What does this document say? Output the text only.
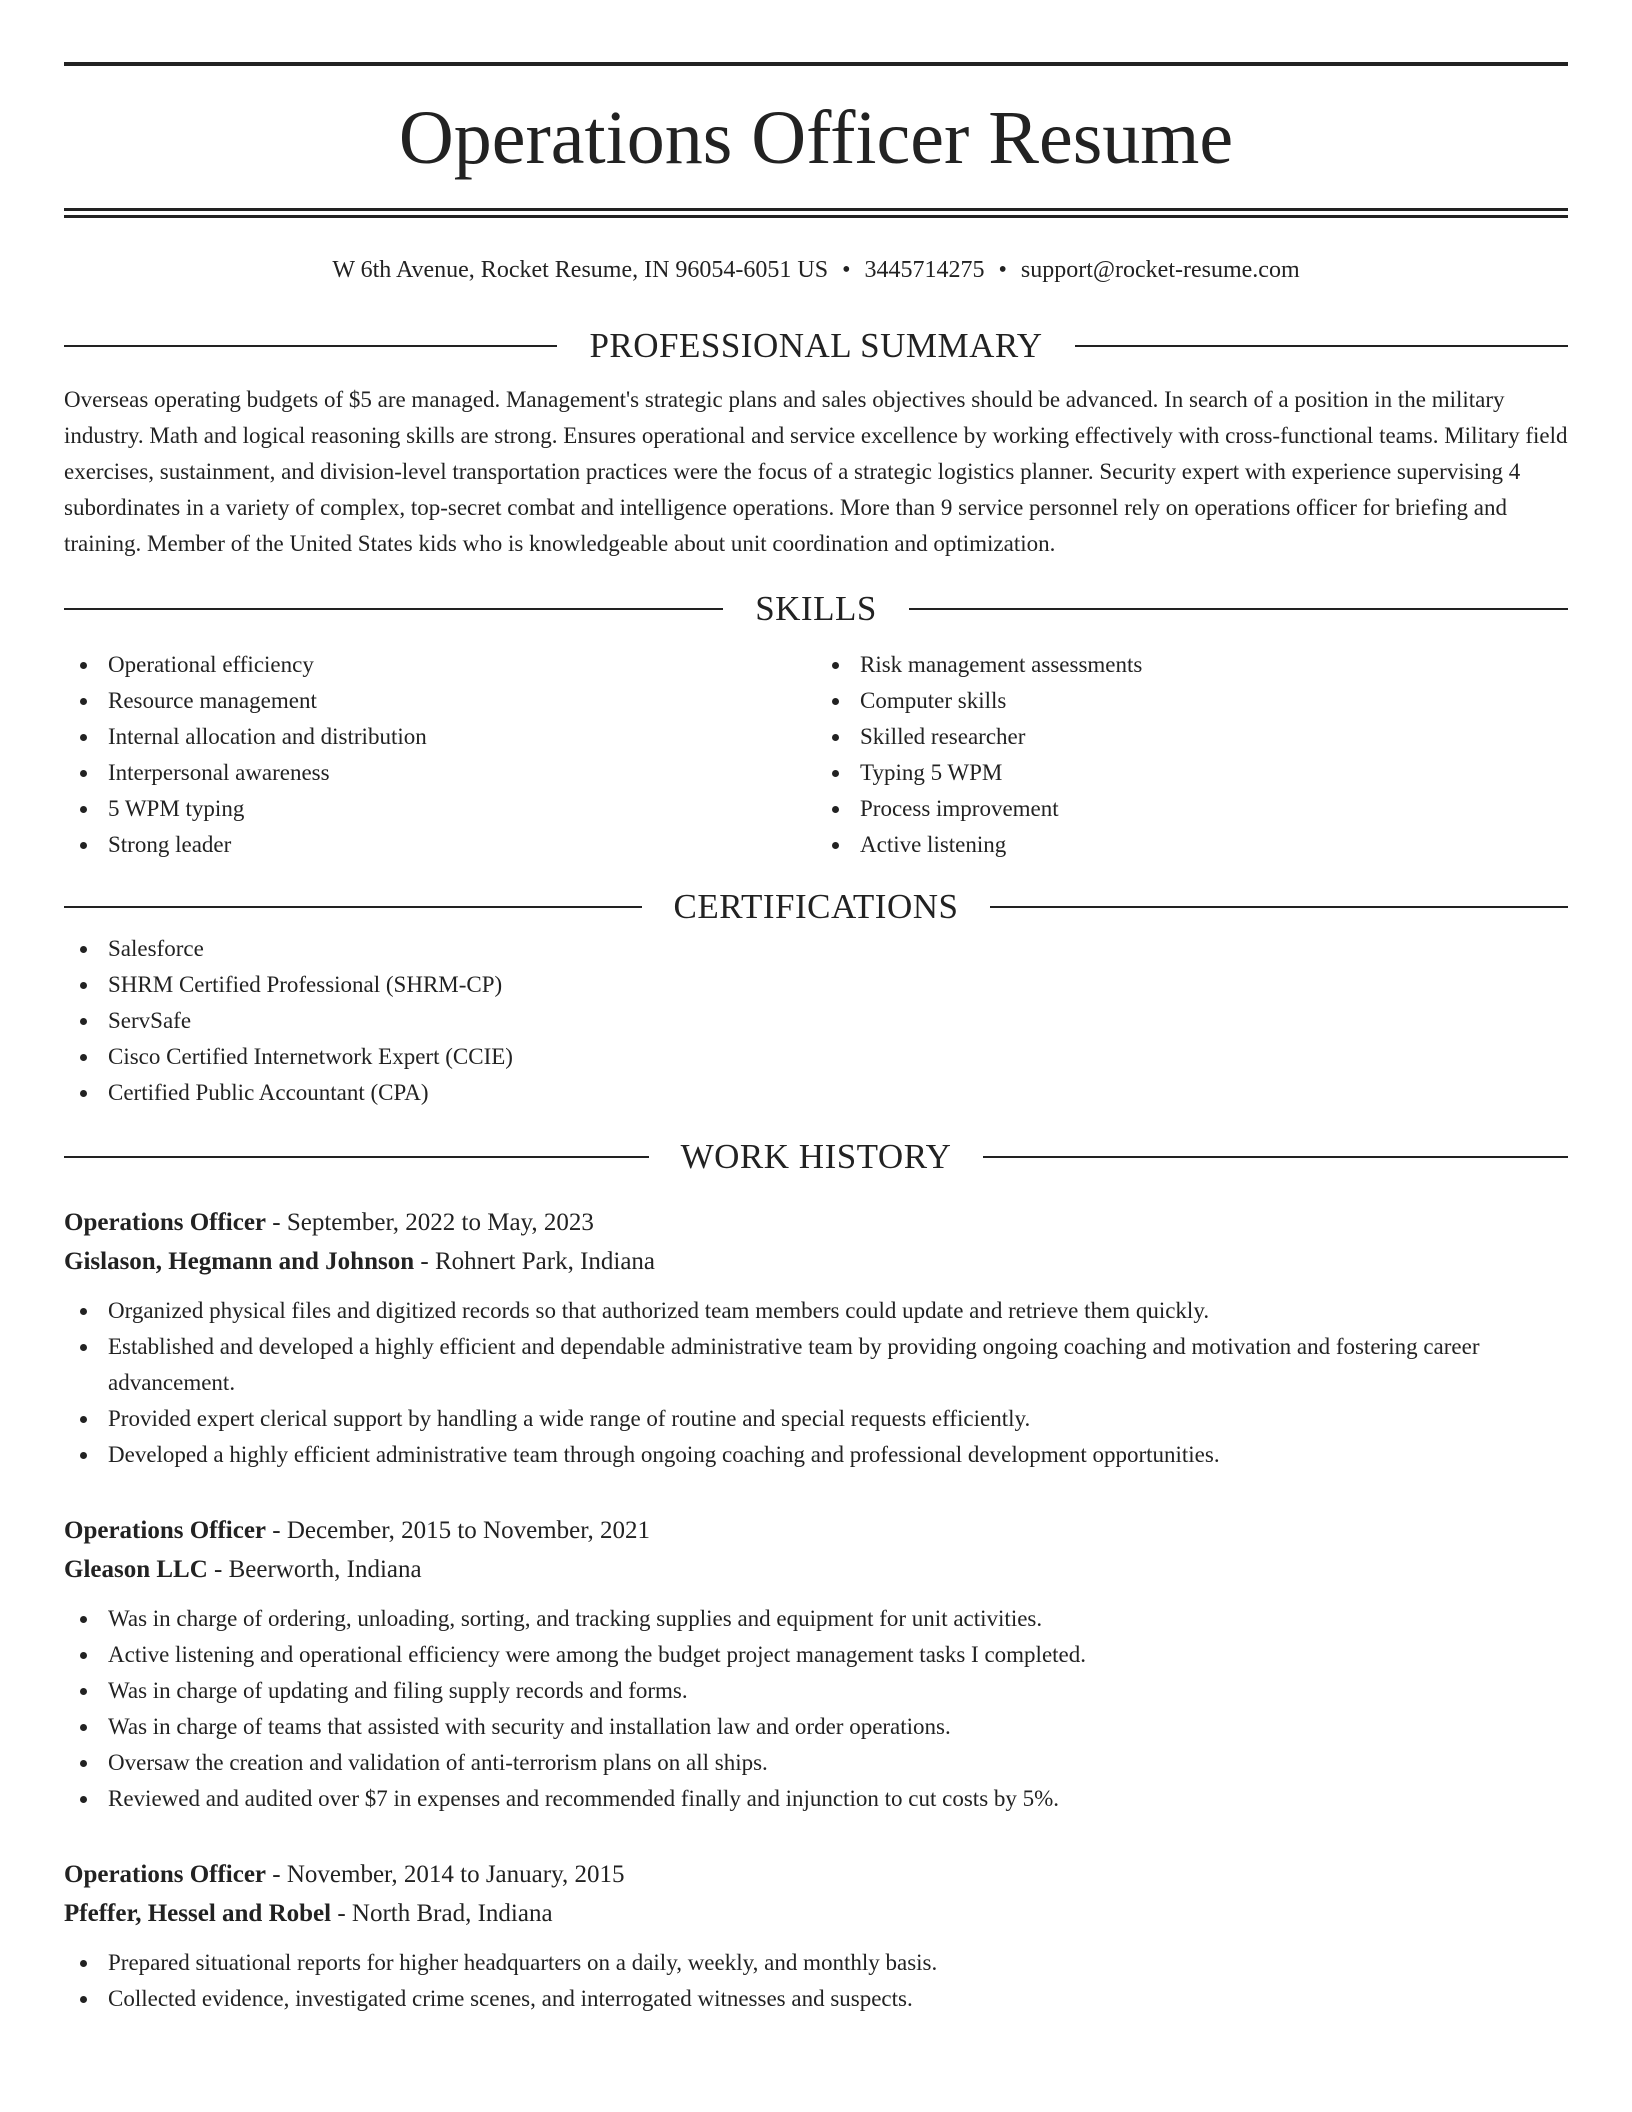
Operations Officer Resume
W 6th Avenue, Rocket Resume, IN 96054-6051 US • 3445714275 • support@rocket-resume.com
PROFESSIONAL SUMMARY

Overseas operating budgets of $5 are managed. Management's strategic plans and sales objectives should be advanced. In search of a position in the military industry. Math and logical reasoning skills are strong. Ensures operational and service excellence by working effectively with cross-functional teams. Military field exercises, sustainment, and division-level transportation practices were the focus of a strategic logistics planner. Security expert with experience supervising 4 subordinates in a variety of complex, top-secret combat and intelligence operations. More than 9 service personnel rely on operations officer for briefing and training. Member of the United States kids who is knowledgeable about unit coordination and optimization.

SKILLS
Operational efficiency
Resource management
Internal allocation and distribution
Interpersonal awareness
5 WPM typing
Strong leader
Risk management assessments
Computer skills
Skilled researcher
Typing 5 WPM
Process improvement
Active listening
CERTIFICATIONS
Salesforce
SHRM Certified Professional (SHRM-CP)
ServSafe
Cisco Certified Internetwork Expert (CCIE)
Certified Public Accountant (CPA)
WORK HISTORY
Operations Officer - September, 2022 to May, 2023
Gislason, Hegmann and Johnson - Rohnert Park, Indiana
Organized physical files and digitized records so that authorized team members could update and retrieve them quickly.
Established and developed a highly efficient and dependable administrative team by providing ongoing coaching and motivation and fostering career advancement.
Provided expert clerical support by handling a wide range of routine and special requests efficiently.
Developed a highly efficient administrative team through ongoing coaching and professional development opportunities.
Operations Officer - December, 2015 to November, 2021
Gleason LLC - Beerworth, Indiana
Was in charge of ordering, unloading, sorting, and tracking supplies and equipment for unit activities.
Active listening and operational efficiency were among the budget project management tasks I completed.
Was in charge of updating and filing supply records and forms.
Was in charge of teams that assisted with security and installation law and order operations.
Oversaw the creation and validation of anti-terrorism plans on all ships.
Reviewed and audited over $7 in expenses and recommended finally and injunction to cut costs by 5%.
Operations Officer - November, 2014 to January, 2015
Pfeffer, Hessel and Robel - North Brad, Indiana
Prepared situational reports for higher headquarters on a daily, weekly, and monthly basis.
Collected evidence, investigated crime scenes, and interrogated witnesses and suspects.
